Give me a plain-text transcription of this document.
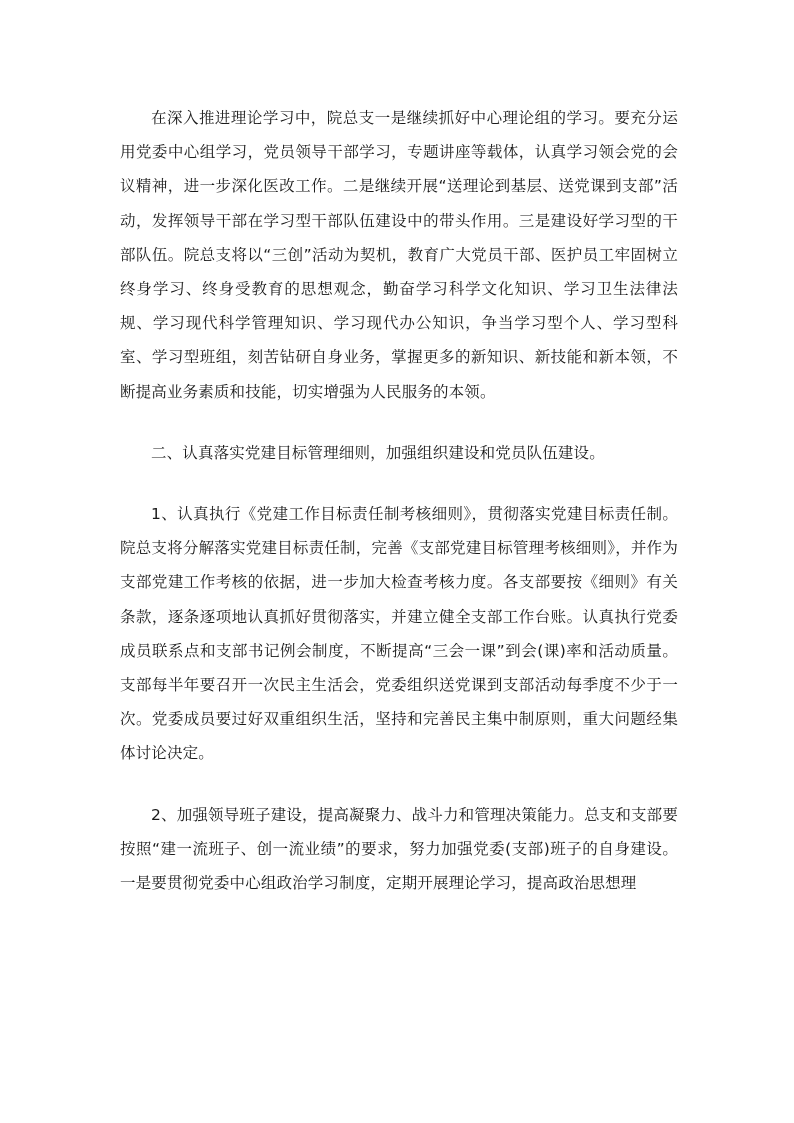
在深入推进理论学习中，院总支一是继续抓好中心理论组的学习。要充分运用党委中心组学习，党员领导干部学习，专题讲座等载体，认真学习领会党的会议精神，进一步深化医改工作。二是继续开展“送理论到基层、送党课到支部”活动，发挥领导干部在学习型干部队伍建设中的带头作用。三是建设好学习型的干部队伍。院总支将以“三创”活动为契机，教育广大党员干部、医护员工牢固树立终身学习、终身受教育的思想观念，勤奋学习科学文化知识、学习卫生法律法规、学习现代科学管理知识、学习现代办公知识，争当学习型个人、学习型科室、学习型班组，刻苦钻研自身业务，掌握更多的新知识、新技能和新本领，不断提高业务素质和技能，切实增强为人民服务的本领。

二、认真落实党建目标管理细则，加强组织建设和党员队伍建设。

1、认真执行《党建工作目标责任制考核细则》，贯彻落实党建目标责任制。院总支将分解落实党建目标责任制，完善《支部党建目标管理考核细则》，并作为支部党建工作考核的依据，进一步加大检查考核力度。各支部要按《细则》有关条款，逐条逐项地认真抓好贯彻落实，并建立健全支部工作台账。认真执行党委成员联系点和支部书记例会制度，不断提高“三会一课”到会(课)率和活动质量。支部每半年要召开一次民主生活会，党委组织送党课到支部活动每季度不少于一次。党委成员要过好双重组织生活，坚持和完善民主集中制原则，重大问题经集体讨论决定。

2、加强领导班子建设，提高凝聚力、战斗力和管理决策能力。总支和支部要按照“建一流班子、创一流业绩”的要求，努力加强党委(支部)班子的自身建设。一是要贯彻党委中心组政治学习制度，定期开展理论学习，提高政治思想理
